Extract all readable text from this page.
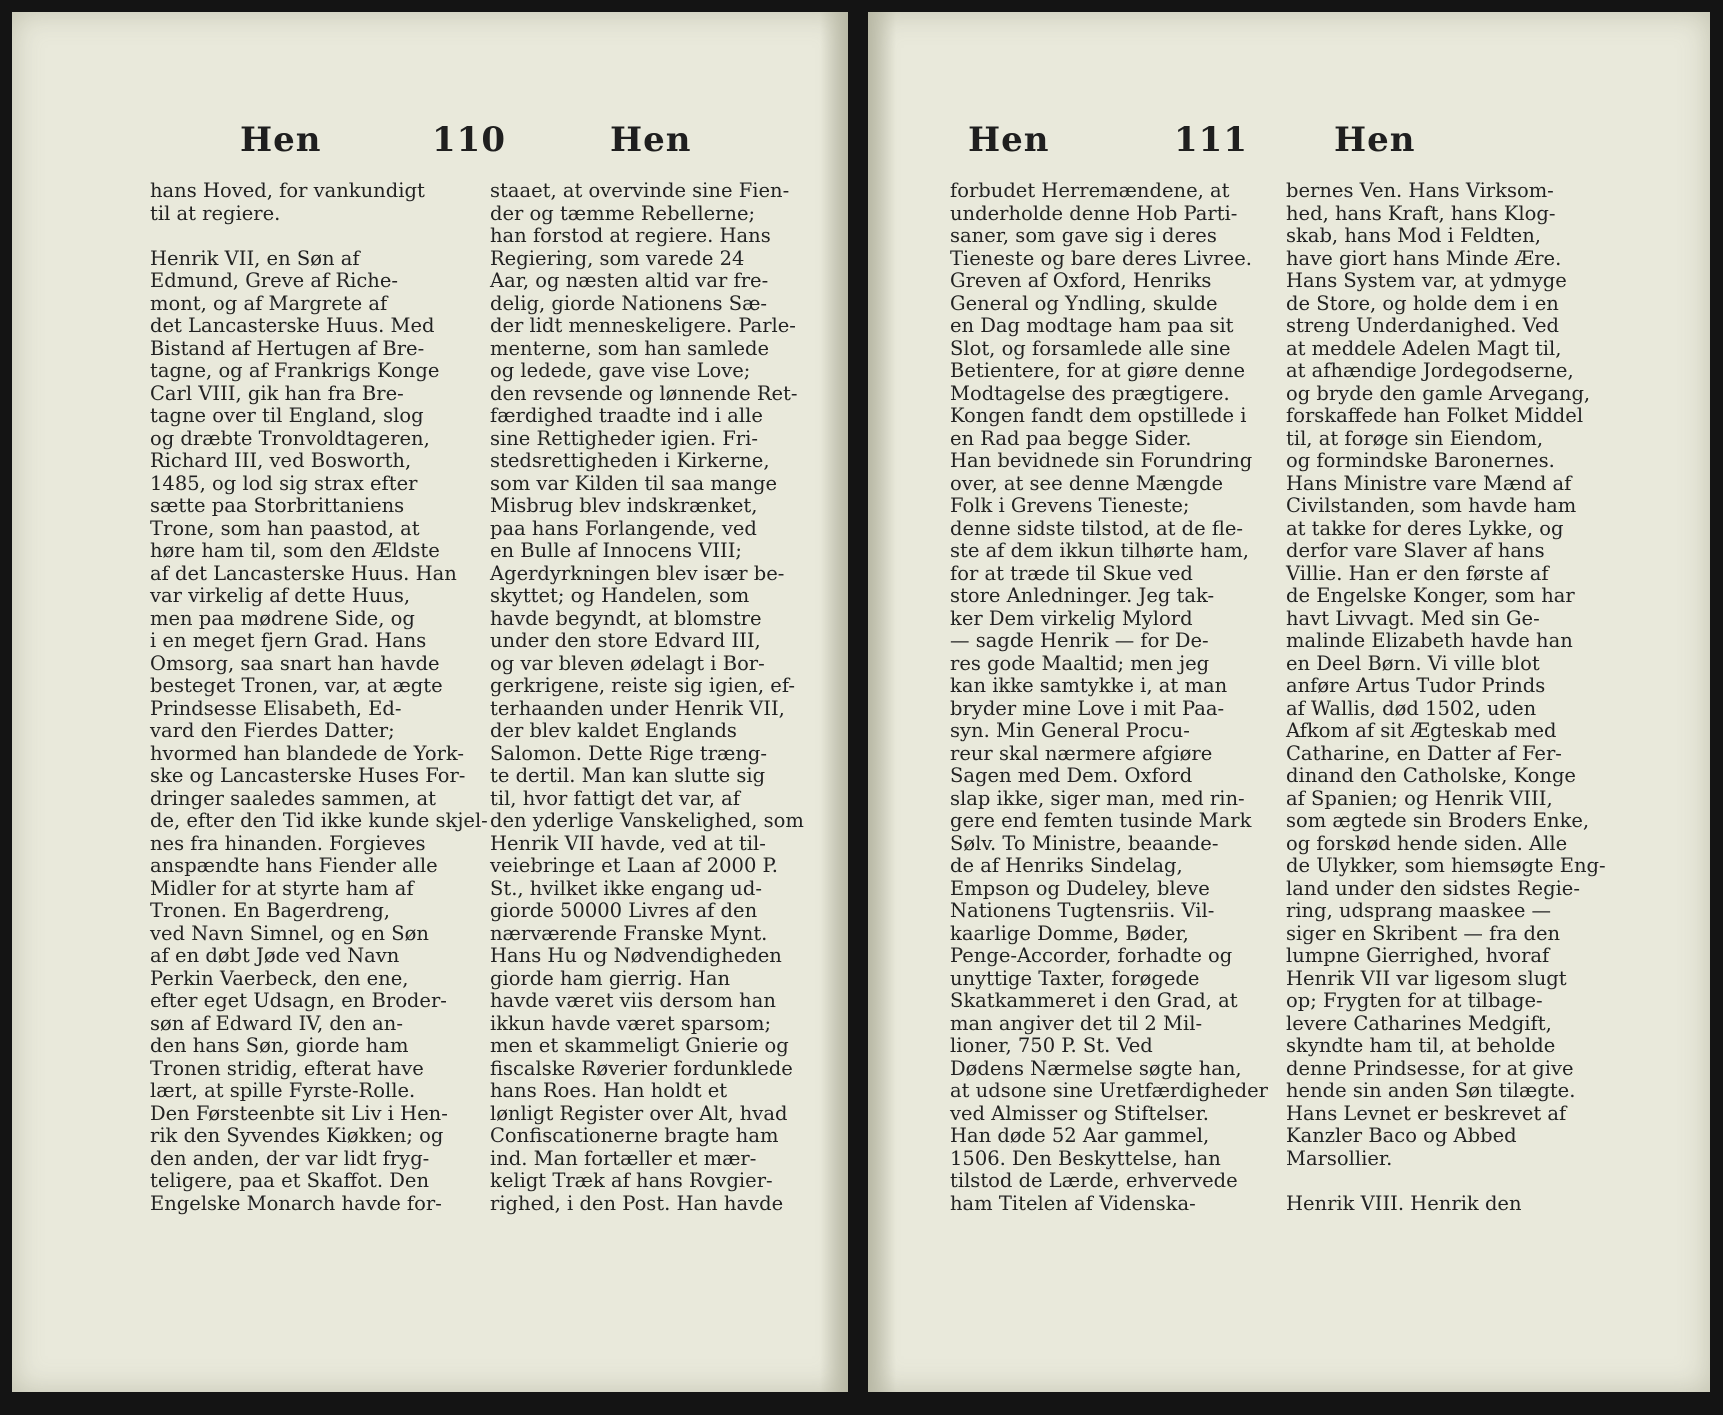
Hen	110	Hen
hans Hoved, for vankundigt
til at regiere.

Henrik VII, en Søn af
Edmund, Greve af Riche-
mont, og af Margrete af
det Lancasterske Huus. Med
Bistand af Hertugen af Bre-
tagne, og af Frankrigs Konge
Carl VIII, gik han fra Bre-
tagne over til England, slog
og dræbte Tronvoldtageren,
Richard III, ved Bosworth,
1485, og lod sig strax efter
sætte paa Storbrittaniens
Trone, som han paastod, at
høre ham til, som den Ældste
af det Lancasterske Huus. Han
var virkelig af dette Huus,
men paa mødrene Side, og
i en meget fjern Grad. Hans
Omsorg, saa snart han havde
besteget Tronen, var, at ægte
Prindsesse Elisabeth, Ed-
vard den Fierdes Datter;
hvormed han blandede de York-
ske og Lancasterske Huses For-
dringer saaledes sammen, at
de, efter den Tid ikke kunde skjel-
nes fra hinanden. Forgieves
anspændte hans Fiender alle
Midler for at styrte ham af
Tronen. En Bagerdreng,
ved Navn Simnel, og en Søn
af en døbt Jøde ved Navn
Perkin Vaerbeck, den ene,
efter eget Udsagn, en Broder-
søn af Edward IV, den an-
den hans Søn, giorde ham
Tronen stridig, efterat have
lært, at spille Fyrste-Rolle.
Den Førsteenbte sit Liv i Hen-
rik den Syvendes Kiøkken; og
den anden, der var lidt fryg-
teligere, paa et Skaffot. Den
Engelske Monarch havde for-
staaet, at overvinde sine Fien-
der og tæmme Rebellerne;
han forstod at regiere. Hans
Regiering, som varede 24
Aar, og næsten altid var fre-
delig, giorde Nationens Sæ-
der lidt menneskeligere. Parle-
menterne, som han samlede
og ledede, gave vise Love;
den revsende og lønnende Ret-
færdighed traadte ind i alle
sine Rettigheder igien. Fri-
stedsrettigheden i Kirkerne,
som var Kilden til saa mange
Misbrug blev indskrænket,
paa hans Forlangende, ved
en Bulle af Innocens VIII;
Agerdyrkningen blev især be-
skyttet; og Handelen, som
havde begyndt, at blomstre
under den store Edvard III,
og var bleven ødelagt i Bor-
gerkrigene, reiste sig igien, ef-
terhaanden under Henrik VII,
der blev kaldet Englands
Salomon. Dette Rige træng-
te dertil. Man kan slutte sig
til, hvor fattigt det var, af
den yderlige Vanskelighed, som
Henrik VII havde, ved at til-
veiebringe et Laan af 2000 P.
St., hvilket ikke engang ud-
giorde 50000 Livres af den
nærværende Franske Mynt.
Hans Hu og Nødvendigheden
giorde ham gierrig. Han
havde været viis dersom han
ikkun havde været sparsom;
men et skammeligt Gnierie og
fiscalske Røverier fordunklede
hans Roes. Han holdt et
lønligt Register over Alt, hvad
Confiscationerne bragte ham
ind. Man fortæller et mær-
keligt Træk af hans Rovgier-
righed, i den Post. Han havde
Hen	111	Hen
forbudet Herremændene, at
underholde denne Hob Parti-
saner, som gave sig i deres
Tieneste og bare deres Livree.
Greven af Oxford, Henriks
General og Yndling, skulde
en Dag modtage ham paa sit
Slot, og forsamlede alle sine
Betientere, for at giøre denne
Modtagelse des prægtigere.
Kongen fandt dem opstillede i
en Rad paa begge Sider.
Han bevidnede sin Forundring
over, at see denne Mængde
Folk i Grevens Tieneste;
denne sidste tilstod, at de fle-
ste af dem ikkun tilhørte ham,
for at træde til Skue ved
store Anledninger. Jeg tak-
ker Dem virkelig Mylord
— sagde Henrik — for De-
res gode Maaltid; men jeg
kan ikke samtykke i, at man
bryder mine Love i mit Paa-
syn. Min General Procu-
reur skal nærmere afgiøre
Sagen med Dem. Oxford
slap ikke, siger man, med rin-
gere end femten tusinde Mark
Sølv. To Ministre, beaande-
de af Henriks Sindelag,
Empson og Dudeley, bleve
Nationens Tugtensriis. Vil-
kaarlige Domme, Bøder,
Penge-Accorder, forhadte og
unyttige Taxter, forøgede
Skatkammeret i den Grad, at
man angiver det til 2 Mil-
lioner, 750 P. St. Ved
Dødens Nærmelse søgte han,
at udsone sine Uretfærdigheder
ved Almisser og Stiftelser.
Han døde 52 Aar gammel,
1506. Den Beskyttelse, han
tilstod de Lærde, erhvervede
ham Titelen af Videnska-
bernes Ven. Hans Virksom-
hed, hans Kraft, hans Klog-
skab, hans Mod i Feldten,
have giort hans Minde Ære.
Hans System var, at ydmyge
de Store, og holde dem i en
streng Underdanighed. Ved
at meddele Adelen Magt til,
at afhændige Jordegodserne,
og bryde den gamle Arvegang,
forskaffede han Folket Middel
til, at forøge sin Eiendom,
og formindske Baronernes.
Hans Ministre vare Mænd af
Civilstanden, som havde ham
at takke for deres Lykke, og
derfor vare Slaver af hans
Villie. Han er den første af
de Engelske Konger, som har
havt Livvagt. Med sin Ge-
malinde Elizabeth havde han
en Deel Børn. Vi ville blot
anføre Artus Tudor Prinds
af Wallis, død 1502, uden
Afkom af sit Ægteskab med
Catharine, en Datter af Fer-
dinand den Catholske, Konge
af Spanien; og Henrik VIII,
som ægtede sin Broders Enke,
og forskød hende siden. Alle
de Ulykker, som hiemsøgte Eng-
land under den sidstes Regie-
ring, udsprang maaskee —
siger en Skribent — fra den
lumpne Gierrighed, hvoraf
Henrik VII var ligesom slugt
op; Frygten for at tilbage-
levere Catharines Medgift,
skyndte ham til, at beholde
denne Prindsesse, for at give
hende sin anden Søn tilægte.
Hans Levnet er beskrevet af
Kanzler Baco og Abbed
Marsollier.

Henrik VIII. Henrik den
